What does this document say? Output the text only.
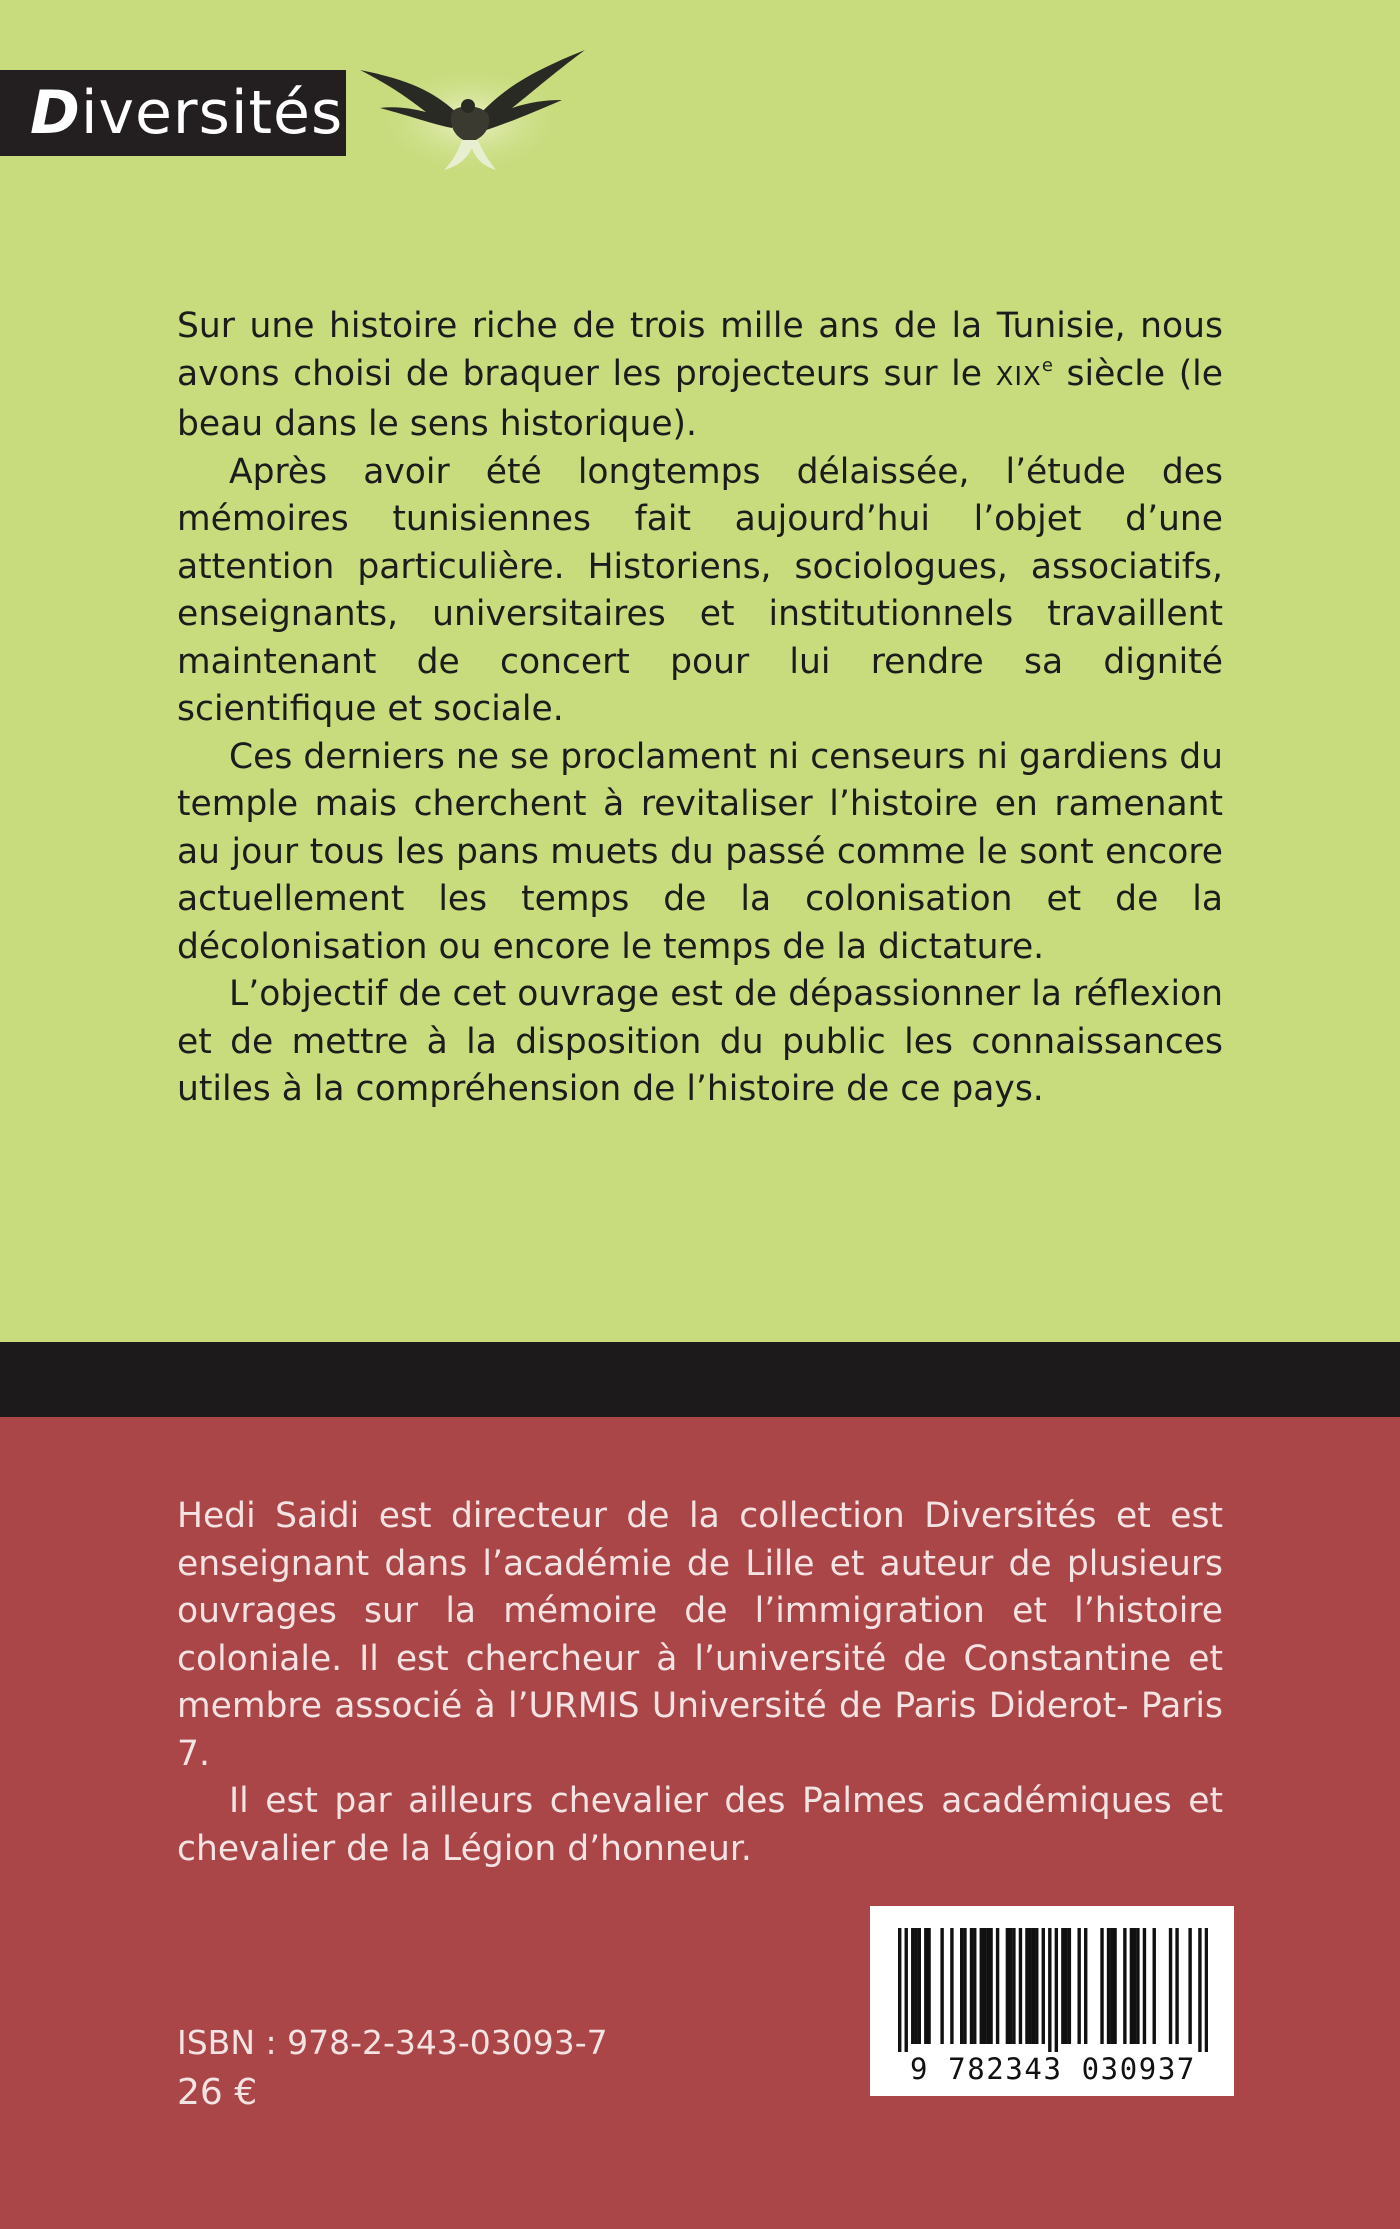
Diversités

Sur une histoire riche de trois mille ans de la Tunisie, nous avons choisi de braquer les projecteurs sur le XIXe siècle (le beau dans le sens historique).

Après avoir été longtemps délaissée, l’étude des mémoires tunisiennes fait aujourd’hui l’objet d’une attention particulière. Historiens, sociologues, associatifs, enseignants, universitaires et institutionnels travaillent maintenant de concert pour lui rendre sa dignité scientifique et sociale.

Ces derniers ne se proclament ni censeurs ni gardiens du temple mais cherchent à revitaliser l’histoire en ramenant au jour tous les pans muets du passé comme le sont encore actuellement les temps de la colonisation et de la décolonisation ou encore le temps de la dictature.

L’objectif de cet ouvrage est de dépassionner la réflexion et de mettre à la disposition du public les connaissances utiles à la compréhension de l’histoire de ce pays.

Hedi Saidi est directeur de la collection Diversités et est enseignant dans l’académie de Lille et auteur de plusieurs ouvrages sur la mémoire de l’immigration et l’histoire coloniale. Il est chercheur à l’université de Constantine et membre associé à l’URMIS Université de Paris Diderot- Paris 7.

Il est par ailleurs chevalier des Palmes académiques et chevalier de la Légion d’honneur.

ISBN : 978-2-343-03093-7
26 €
9 782343 030937
